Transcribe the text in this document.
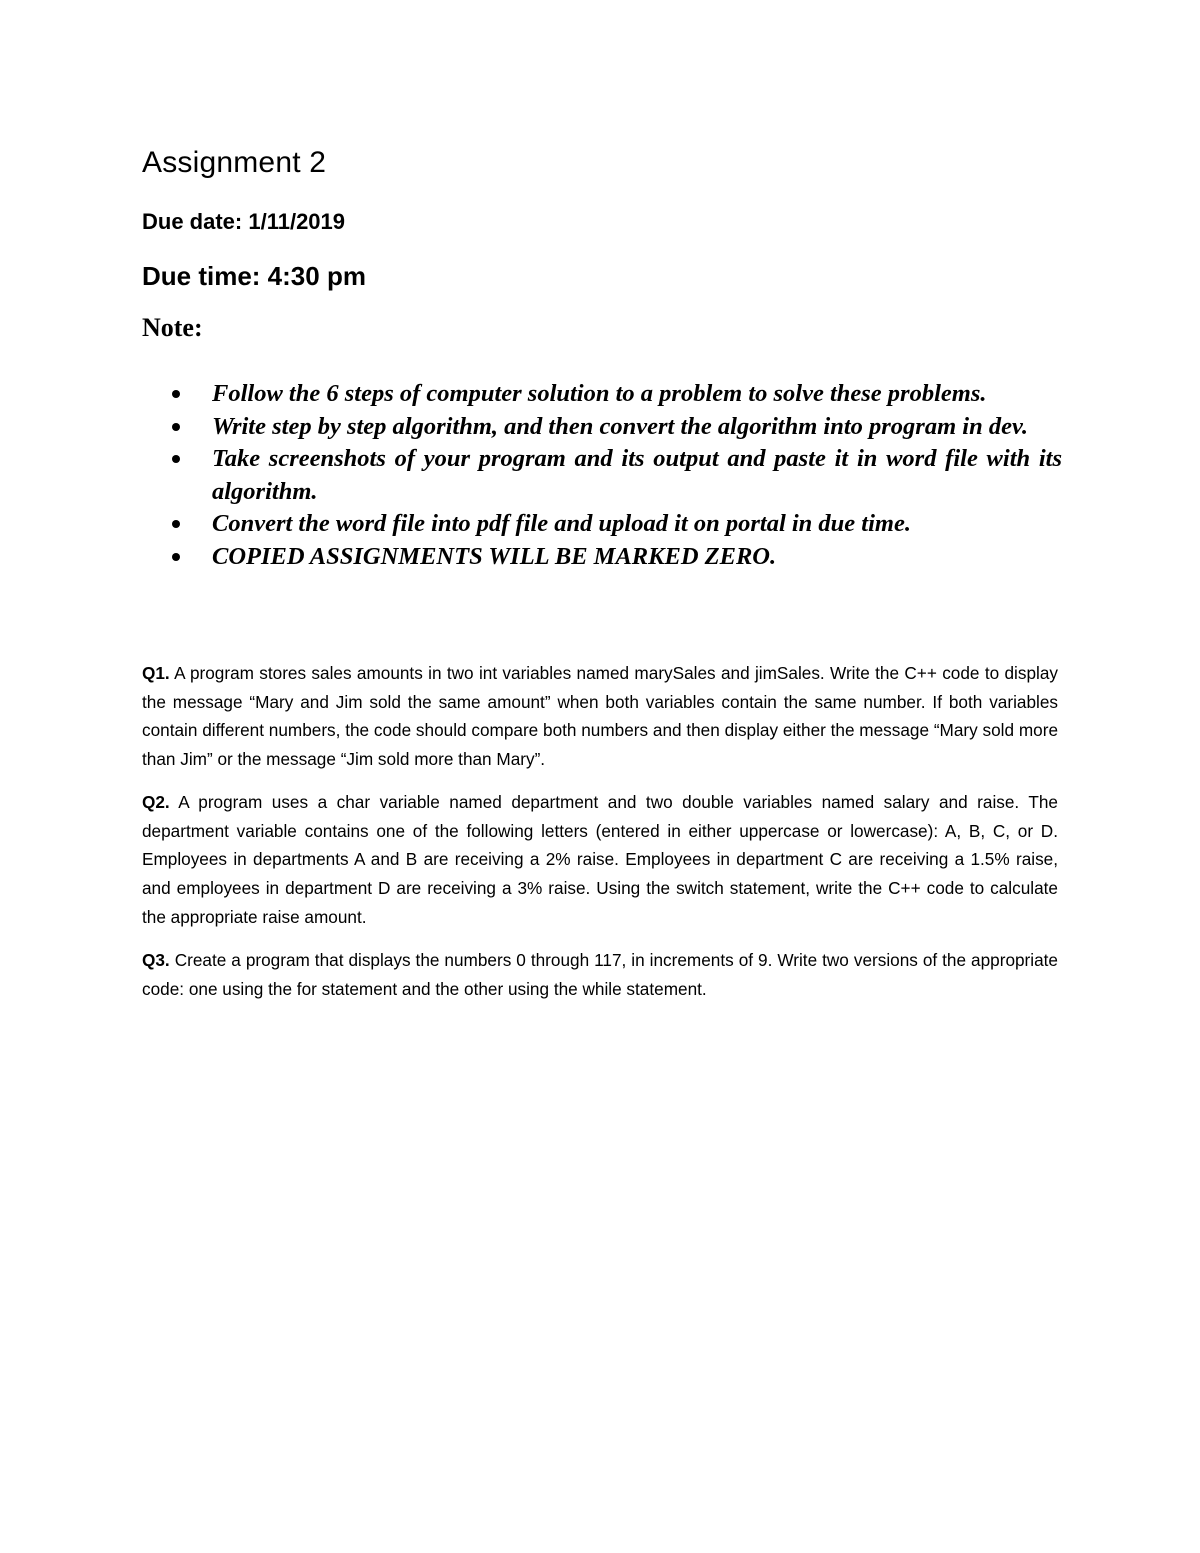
Assignment 2

Due date: 1/11/2019

Due time: 4:30 pm

Note:

Follow the 6 steps of computer solution to a problem to solve these problems.
Write step by step algorithm, and then convert the algorithm into program in dev.
Take screenshots of your program and its output and paste it in word file with its algorithm.
Convert the word file into pdf file and upload it on portal in due time.
COPIED ASSIGNMENTS WILL BE MARKED ZERO.

Q1. A program stores sales amounts in two int variables named marySales and jimSales. Write the C++ code to display the message “Mary and Jim sold the same amount” when both variables contain the same number. If both variables contain different numbers, the code should compare both numbers and then display either the message “Mary sold more than Jim” or the message “Jim sold more than Mary”.

Q2. A program uses a char variable named department and two double variables named salary and raise. The department variable contains one of the following letters (entered in either uppercase or lowercase): A, B, C, or D. Employees in departments A and B are receiving a 2% raise. Employees in department C are receiving a 1.5% raise, and employees in department D are receiving a 3% raise. Using the switch statement, write the C++ code to calculate the appropriate raise amount.

Q3. Create a program that displays the numbers 0 through 117, in increments of 9. Write two versions of the appropriate code: one using the for statement and the other using the while statement.
